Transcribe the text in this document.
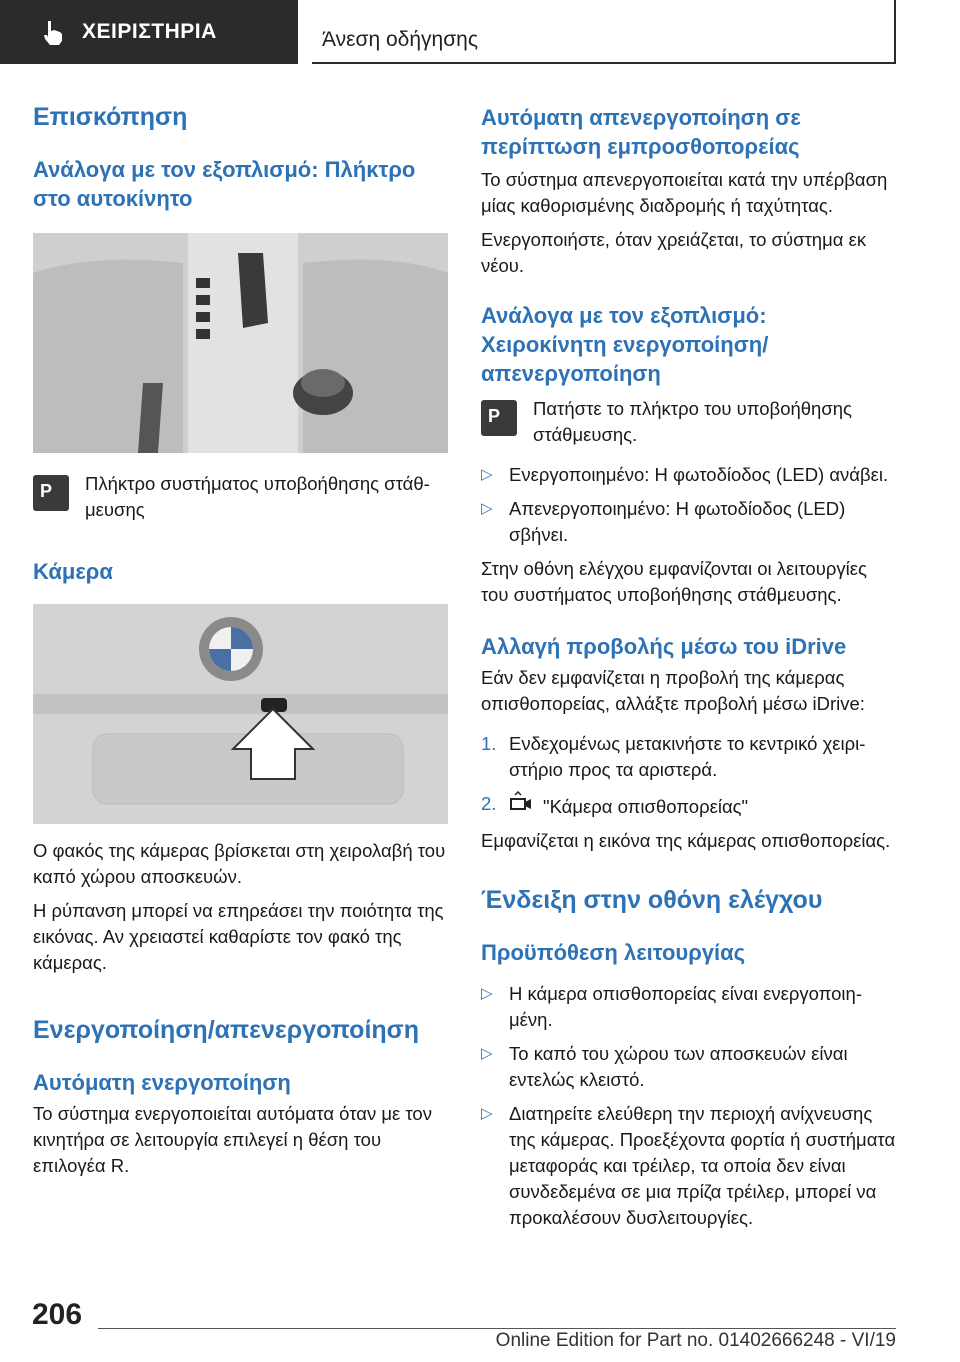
ΧΕΙΡΙΣΤΗΡΙΑ	Άνεση οδήγησης
Επισκόπηση
Ανάλογα με τον εξοπλισμό: Πλήκτρο στο αυτοκίνητο
P Πλήκτρο συστήματος υποβοήθησης στάθμευσης

Κάμερα

Ο φακός της κάμερας βρίσκεται στη χειρολαβή του καπό χώρου αποσκευών.

Η ρύπανση μπορεί να επηρεάσει την ποιότητα της εικόνας. Αν χρειαστεί καθαρίστε τον φακό της κάμερας.

Ενεργοποίηση/απενεργοποίηση
Αυτόματη ενεργοποίηση

Το σύστημα ενεργοποιείται αυτόματα όταν με τον κινητήρα σε λειτουργία επιλεγεί η θέση του επιλογέα R.

Αυτόματη απενεργοποίηση σε περίπτωση εμπροσθοπορείας

Το σύστημα απενεργοποιείται κατά την υπέρβαση μίας καθορισμένης διαδρομής ή ταχύτητας.

Ενεργοποιήστε, όταν χρειάζεται, το σύστημα εκ νέου.

Ανάλογα με τον εξοπλισμό: Χειροκίνητη ενεργοποίηση/ απενεργοποίηση
P Πατήστε το πλήκτρο του υποβοήθησης στάθμευσης.

▷ Ενεργοποιημένο: Η φωτοδίοδος (LED) ανάβει.
▷ Απενεργοποιημένο: Η φωτοδίοδος (LED) σβήνει.

Στην οθόνη ελέγχου εμφανίζονται οι λειτουργίες του συστήματος υποβοήθησης στάθμευσης.

Αλλαγή προβολής μέσω του iDrive

Εάν δεν εμφανίζεται η προβολή της κάμερας οπισθοπορείας, αλλάξτε προβολή μέσω iDrive:

1. Ενδεχομένως μετακινήστε το κεντρικό χειριστήριο προς τα αριστερά.
2.	"Κάμερα οπισθοπορείας"

Εμφανίζεται η εικόνα της κάμερας οπισθοπορείας.

Ένδειξη στην οθόνη ελέγχου
Προϋπόθεση λειτουργίας
▷ Η κάμερα οπισθοπορείας είναι ενεργοποιημένη.
▷ Το καπό του χώρου των αποσκευών είναι εντελώς κλειστό.
▷ Διατηρείτε ελεύθερη την περιοχή ανίχνευσης της κάμερας. Προεξέχοντα φορτία ή συστήματα μεταφοράς και τρέιλερ, τα οποία δεν είναι συνδεδεμένα σε μια πρίζα τρέιλερ, μπορεί να προκαλέσουν δυσλειτουργίες.
206
Online Edition for Part no. 01402666248 - VI/19
